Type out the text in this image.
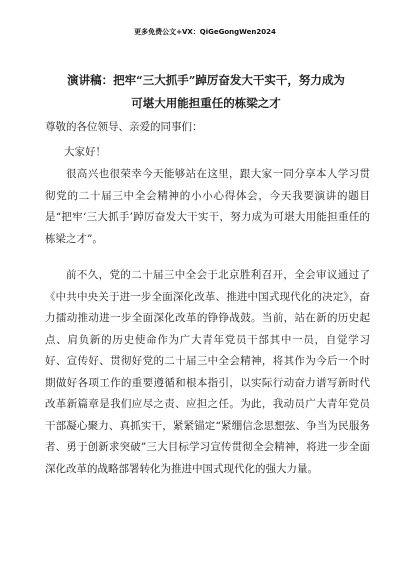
更多免费公文+VX：QiGeGongWen2024
演讲稿：把牢“三大抓手”踔厉奋发大干实干，努力成为
可堪大用能担重任的栋梁之才
尊敬的各位领导、亲爱的同事们：
大家好！

很高兴也很荣幸今天能够站在这里，跟大家一同分享本人学习贯彻党的二十届三中全会精神的小小心得体会，今天我要演讲的题目是“把牢‘三大抓手’踔厉奋发大干实干，努力成为可堪大用能担重任的栋梁之才”。

前不久，党的二十届三中全会于北京胜利召开，全会审议通过了《中共中央关于进一步全面深化改革、推进中国式现代化的决定》，奋力擂动推动进一步全面深化改革的铮铮战鼓。当前，站在新的历史起点、肩负新的历史使命作为广大青年党员干部其中一员，自觉学习好、宣传好、贯彻好党的二十届三中全会精神，将其作为今后一个时期做好各项工作的重要遵循和根本指引，以实际行动奋力谱写新时代改革新篇章是我们应尽之责、应担之任。为此，我动员广大青年党员干部凝心聚力、真抓实干，紧紧锚定“紧绷信念思想弦、争当为民服务者、勇于创新求突破”三大目标学习宣传贯彻全会精神，将进一步全面深化改革的战略部署转化为推进中国式现代化的强大力量。
